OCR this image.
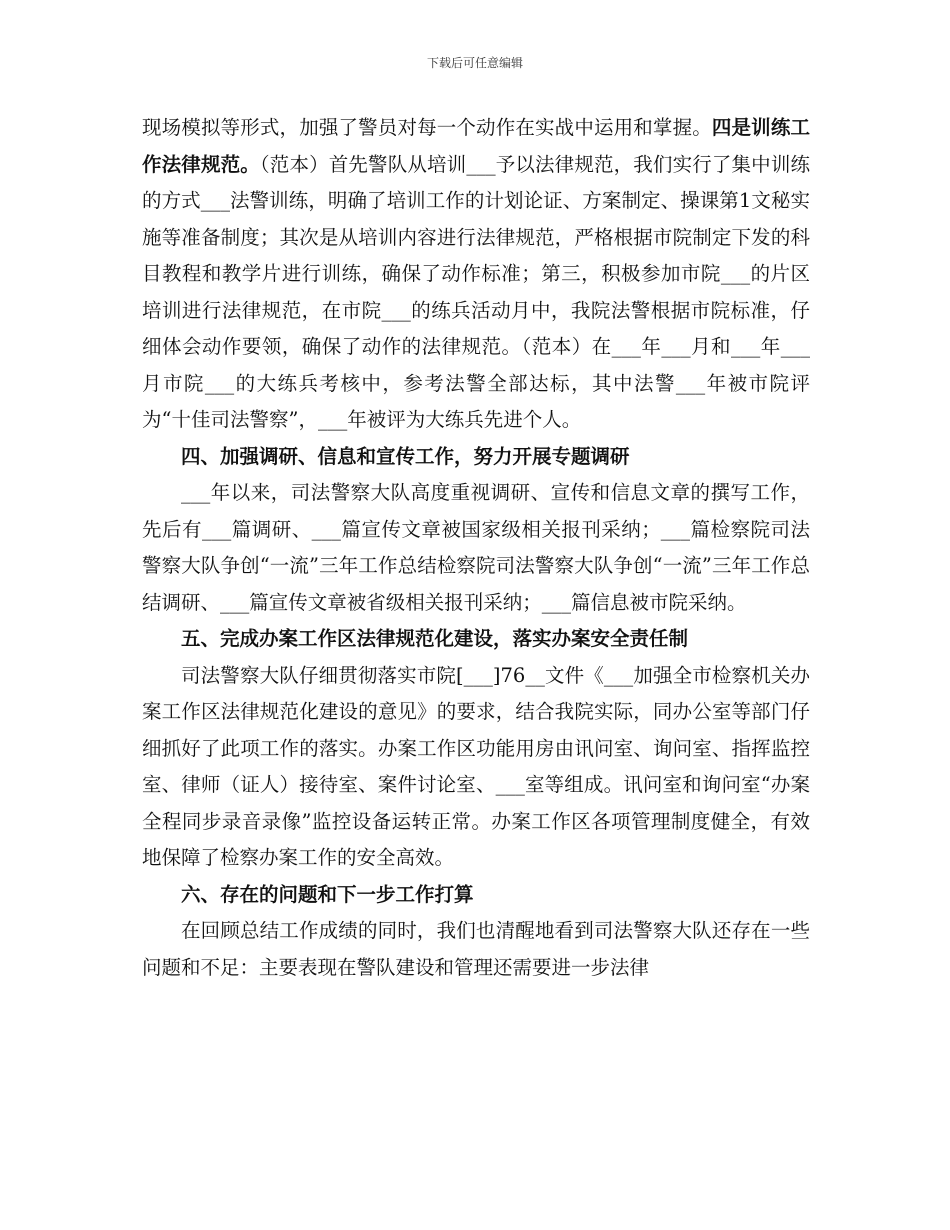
下载后可任意编辑

现场模拟等形式，加强了警员对每一个动作在实战中运用和掌握。四是训练工作法律规范。（范本）首先警队从培训___予以法律规范，我们实行了集中训练的方式___法警训练，明确了培训工作的计划论证、方案制定、操课第1文秘实施等准备制度；其次是从培训内容进行法律规范，严格根据市院制定下发的科目教程和教学片进行训练，确保了动作标准；第三，积极参加市院___的片区培训进行法律规范，在市院___的练兵活动月中，我院法警根据市院标准，仔细体会动作要领，确保了动作的法律规范。（范本）在___年___月和___年___月市院___的大练兵考核中，参考法警全部达标，其中法警___年被市院评为“十佳司法警察”，___年被评为大练兵先进个人。

四、加强调研、信息和宣传工作，努力开展专题调研

___年以来，司法警察大队高度重视调研、宣传和信息文章的撰写工作，先后有___篇调研、___篇宣传文章被国家级相关报刊采纳；___篇检察院司法警察大队争创“一流”三年工作总结检察院司法警察大队争创“一流”三年工作总结调研、___篇宣传文章被省级相关报刊采纳；___篇信息被市院采纳。

五、完成办案工作区法律规范化建设，落实办案安全责任制

司法警察大队仔细贯彻落实市院[___]76__文件《___加强全市检察机关办案工作区法律规范化建设的意见》的要求，结合我院实际，同办公室等部门仔细抓好了此项工作的落实。办案工作区功能用房由讯问室、询问室、指挥监控室、律师（证人）接待室、案件讨论室、___室等组成。讯问室和询问室“办案全程同步录音录像”监控设备运转正常。办案工作区各项管理制度健全，有效地保障了检察办案工作的安全高效。

六、存在的问题和下一步工作打算

在回顾总结工作成绩的同时，我们也清醒地看到司法警察大队还存在一些问题和不足：主要表现在警队建设和管理还需要进一步法律
